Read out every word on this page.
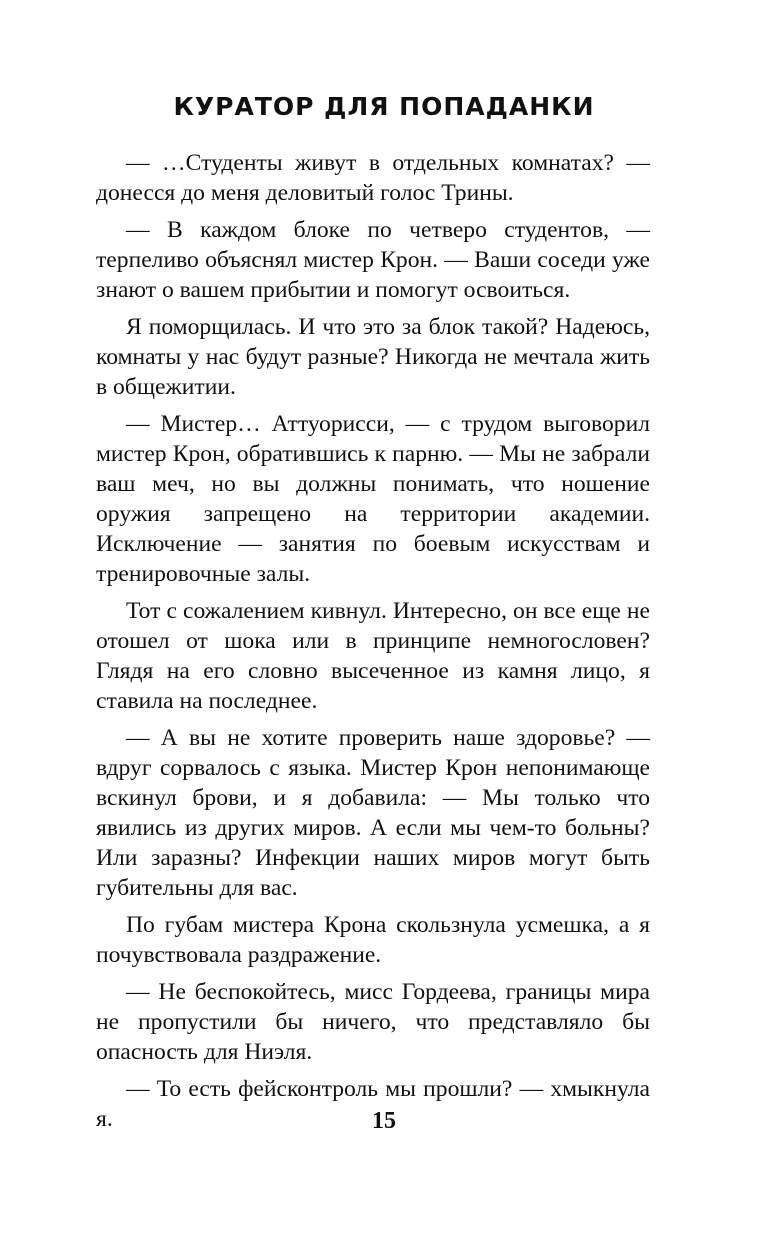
КУРАТОР ДЛЯ ПОПАДАНКИ

— …Студенты живут в отдельных комнатах? — донесся до меня деловитый голос Трины.

— В каждом блоке по четверо студентов, — терпеливо объяснял мистер Крон. — Ваши соседи уже знают о вашем прибытии и помогут освоиться.

Я поморщилась. И что это за блок такой? Надеюсь, комнаты у нас будут разные? Никогда не мечтала жить в общежитии.

— Мистер… Аттуорисси, — с трудом выговорил мистер Крон, обратившись к парню. — Мы не забрали ваш меч, но вы должны понимать, что ношение оружия запрещено на территории академии. Исключение — занятия по боевым искусствам и тренировочные залы.

Тот с сожалением кивнул. Интересно, он все еще не отошел от шока или в принципе немногословен? Глядя на его словно высеченное из камня лицо, я ставила на последнее.

— А вы не хотите проверить наше здоровье? — вдруг сорвалось с языка. Мистер Крон непонимающе вскинул брови, и я добавила: — Мы только что явились из других миров. А если мы чем-то больны? Или заразны? Инфекции наших миров могут быть губительны для вас.

По губам мистера Крона скользнула усмешка, а я почувствовала раздражение.

— Не беспокойтесь, мисс Гордеева, границы мира не пропустили бы ничего, что представляло бы опасность для Ниэля.

— То есть фейсконтроль мы прошли? — хмыкнула я.	15
